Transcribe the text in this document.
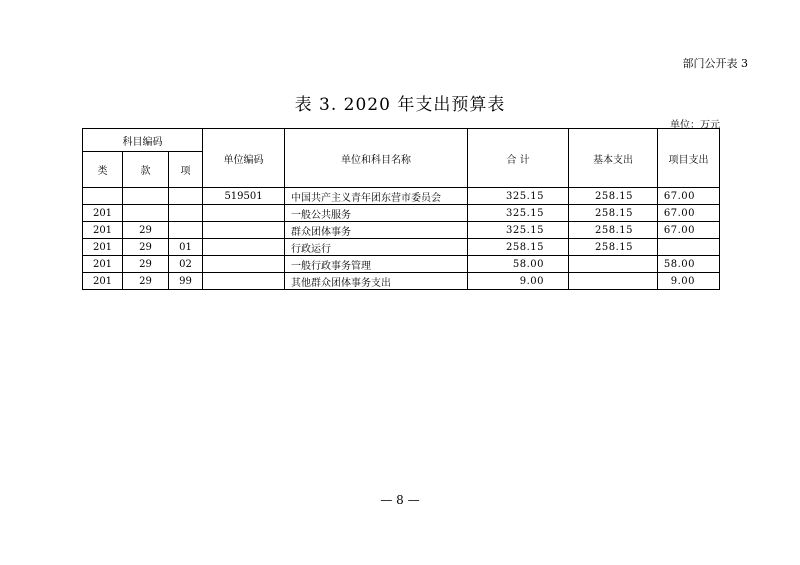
部门公开表 3
表 3. 2020 年支出预算表
单位：万元
科目编码			单位编码	单位和科目名称	合 计	基本支出	项目支出
类	款	项					
			519501	中国共产主义青年团东营市委员会	325.15	258.15	67.00
201				一般公共服务	325.15	258.15	67.00
201	29			群众团体事务	325.15	258.15	67.00
201	29	01		行政运行	258.15	258.15	
201	29	02		一般行政事务管理	58.00		58.00
201	29	99		其他群众团体事务支出	9.00		9.00
— 8 —
